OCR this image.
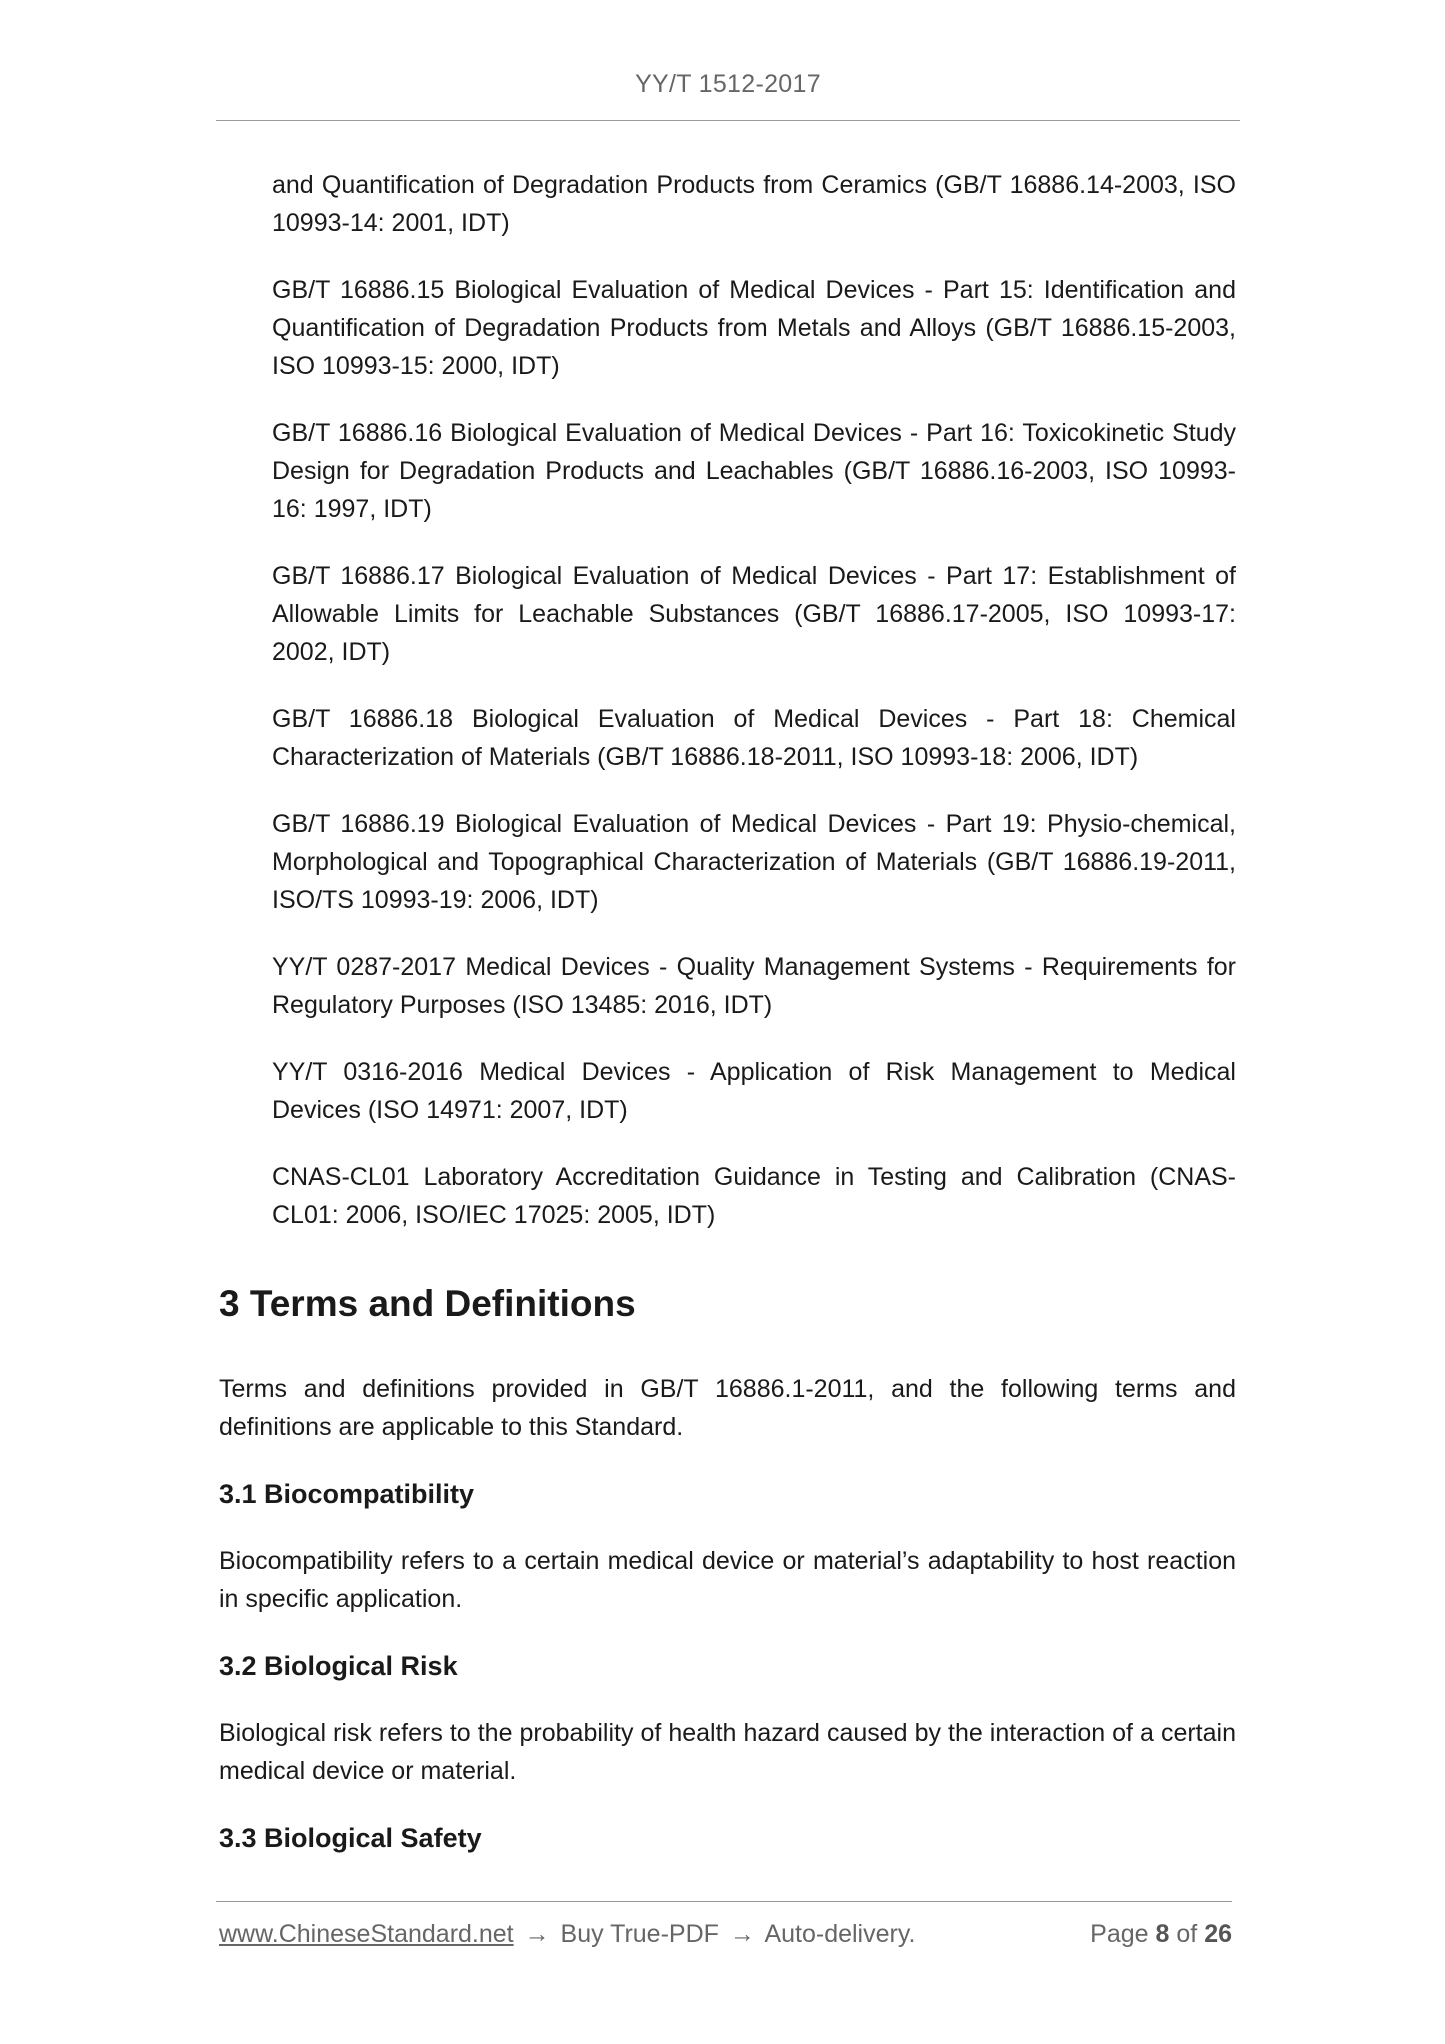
YY/T 1512-2017

and Quantification of Degradation Products from Ceramics (GB/T 16886.14-2003, ISO 10993-14: 2001, IDT)

GB/T 16886.15 Biological Evaluation of Medical Devices - Part 15: Identification and Quantification of Degradation Products from Metals and Alloys (GB/T 16886.15-2003, ISO 10993-15: 2000, IDT)

GB/T 16886.16 Biological Evaluation of Medical Devices - Part 16: Toxicokinetic Study Design for Degradation Products and Leachables (GB/T 16886.16-2003, ISO 10993-16: 1997, IDT)

GB/T 16886.17 Biological Evaluation of Medical Devices - Part 17: Establishment of Allowable Limits for Leachable Substances (GB/T 16886.17-2005, ISO 10993-17: 2002, IDT)

GB/T 16886.18 Biological Evaluation of Medical Devices - Part 18: Chemical Characterization of Materials (GB/T 16886.18-2011, ISO 10993-18: 2006, IDT)

GB/T 16886.19 Biological Evaluation of Medical Devices - Part 19: Physio-chemical, Morphological and Topographical Characterization of Materials (GB/T 16886.19-2011, ISO/TS 10993-19: 2006, IDT)

YY/T 0287-2017 Medical Devices - Quality Management Systems - Requirements for Regulatory Purposes (ISO 13485: 2016, IDT)

YY/T 0316-2016 Medical Devices - Application of Risk Management to Medical Devices (ISO 14971: 2007, IDT)

CNAS-CL01 Laboratory Accreditation Guidance in Testing and Calibration (CNAS-CL01: 2006, ISO/IEC 17025: 2005, IDT)

3 Terms and Definitions

Terms and definitions provided in GB/T 16886.1-2011, and the following terms and definitions are applicable to this Standard.

3.1 Biocompatibility

Biocompatibility refers to a certain medical device or material’s adaptability to host reaction in specific application.

3.2 Biological Risk

Biological risk refers to the probability of health hazard caused by the interaction of a certain medical device or material.

3.3 Biological Safety
www.ChineseStandard.net → Buy True-PDF → Auto-delivery.	Page 8 of 26
